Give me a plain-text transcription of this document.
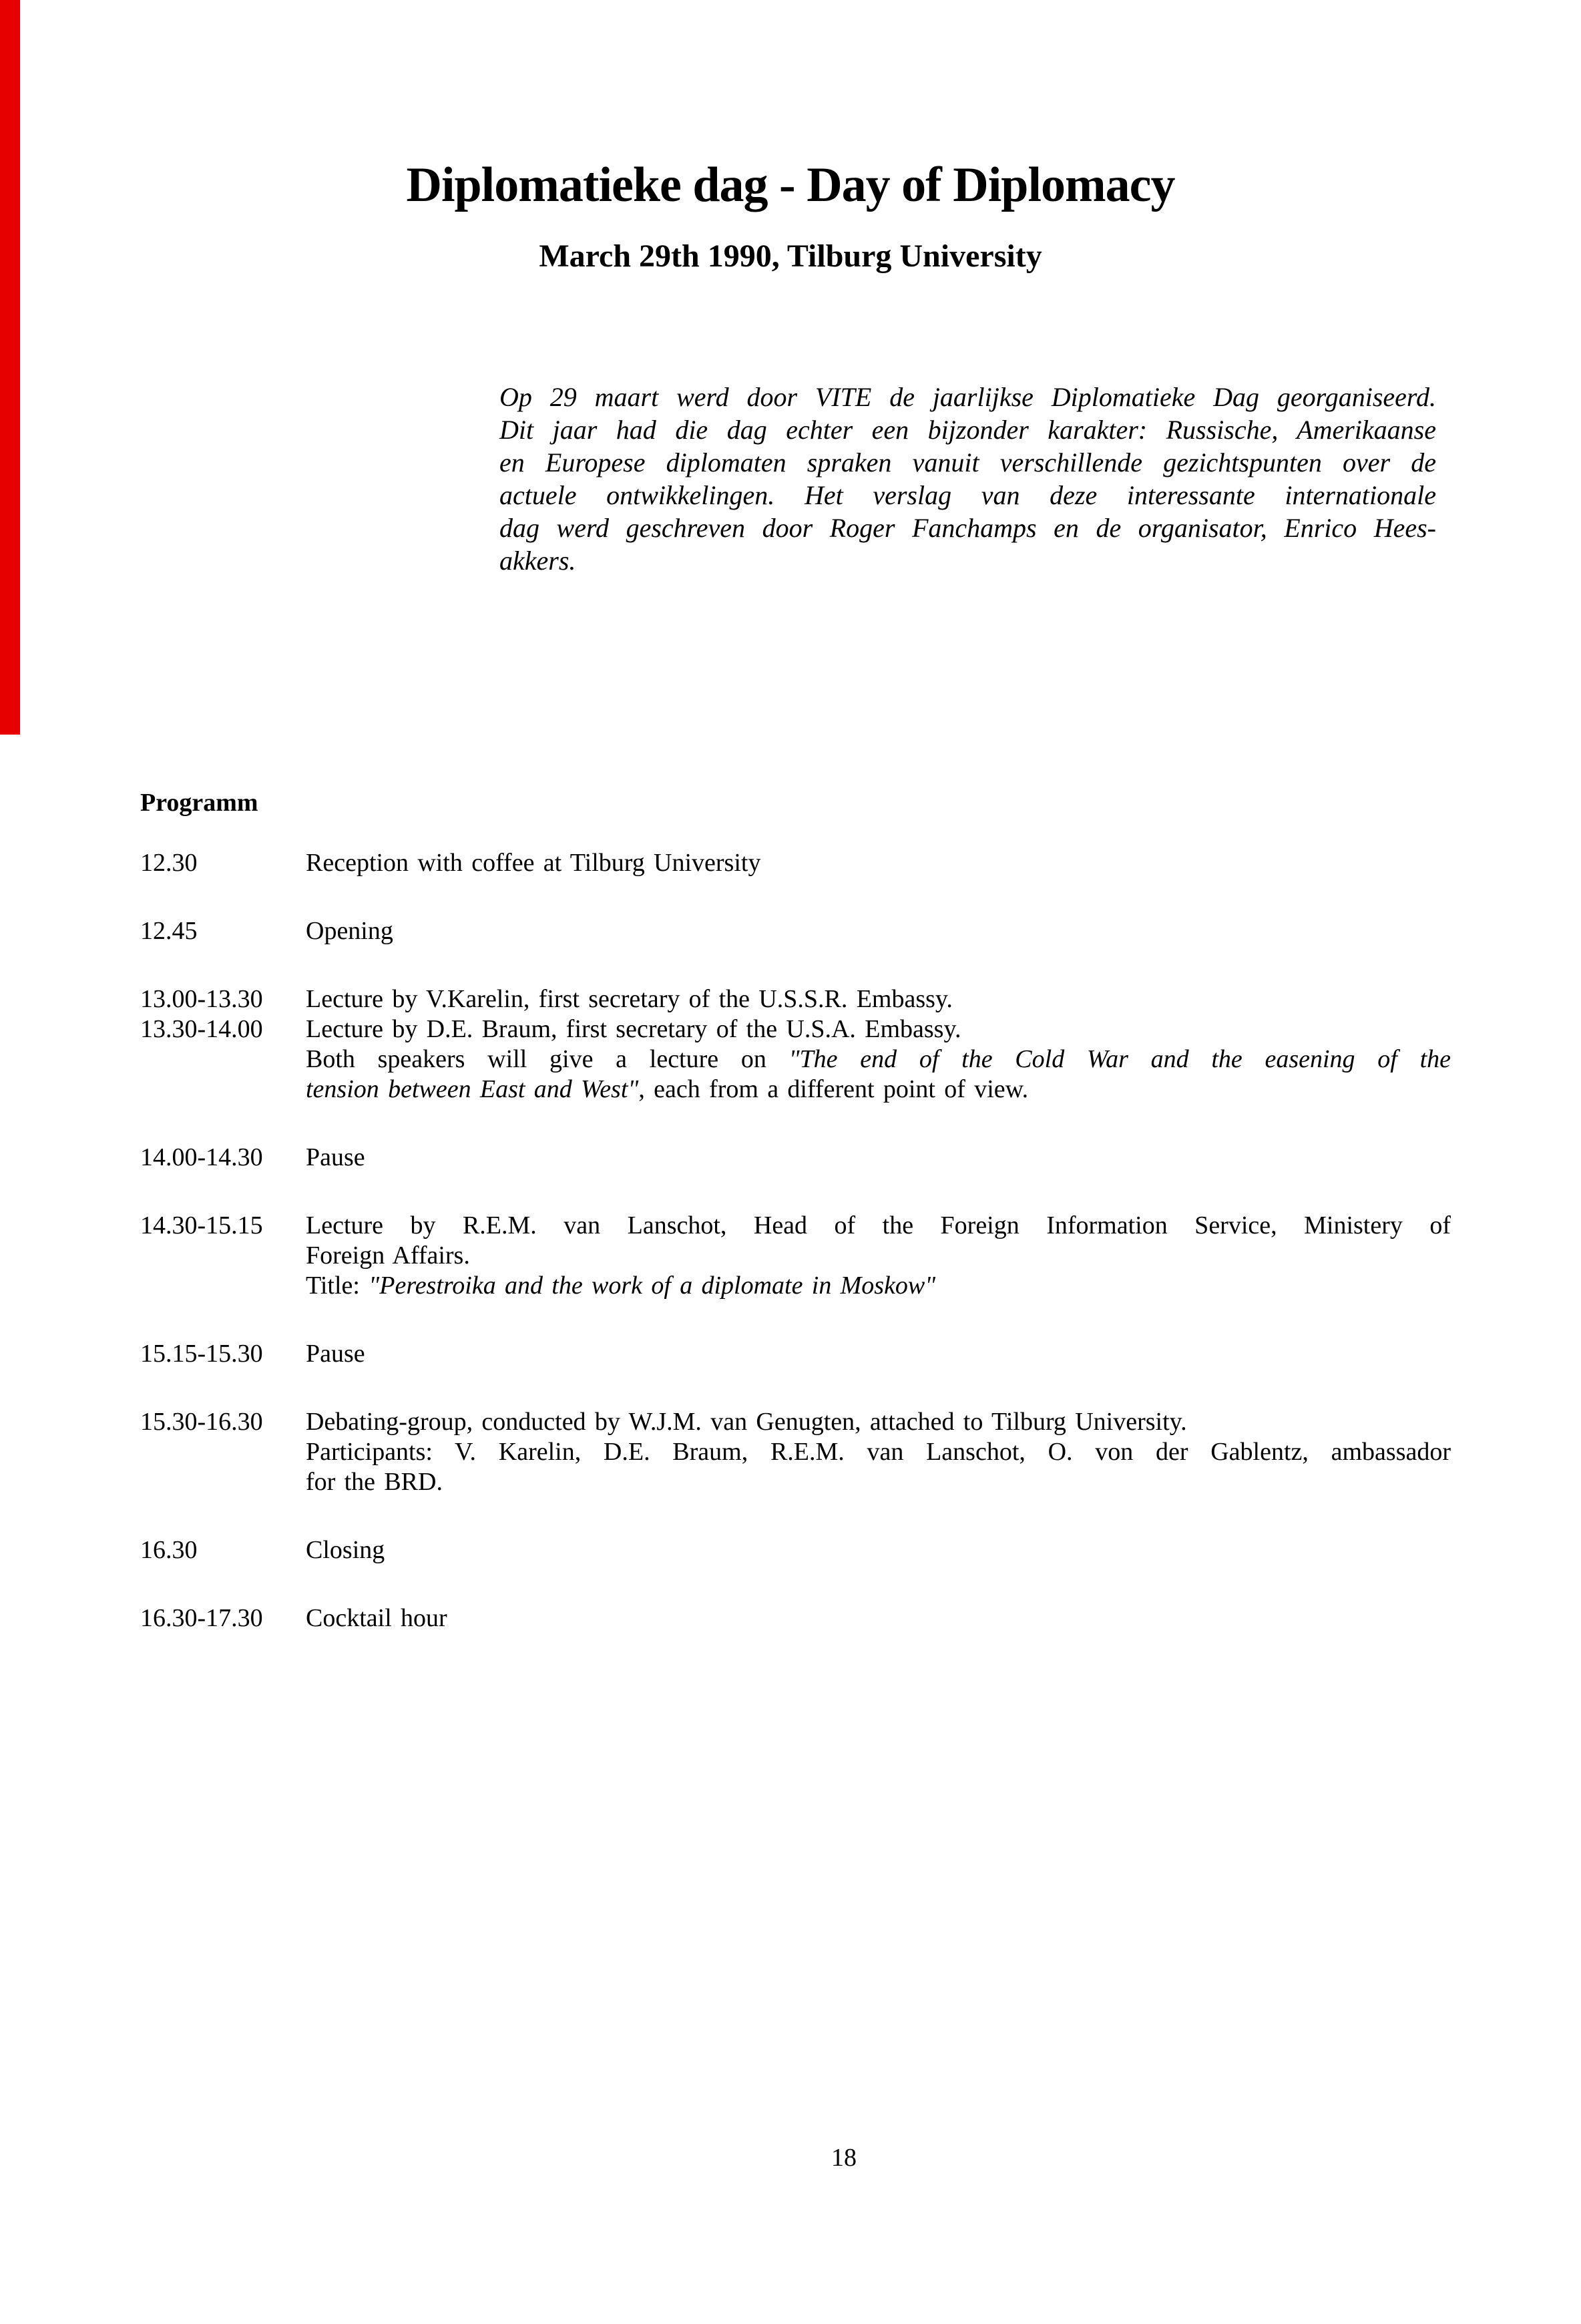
Diplomatieke dag - Day of Diplomacy
March 29th 1990, Tilburg University
Op 29 maart werd door VITE de jaarlijkse Diplomatieke Dag georganiseerd.
Dit jaar had die dag echter een bijzonder karakter: Russische, Amerikaanse
en Europese diplomaten spraken vanuit verschillende gezichtspunten over de
actuele ontwikkelingen. Het verslag van deze interessante internationale
dag werd geschreven door Roger Fanchamps en de organisator, Enrico Hees-
akkers.
Programm
12.30	Reception with coffee at Tilburg University
12.45	Opening
13.00-13.30	Lecture by V.Karelin, first secretary of the U.S.S.R. Embassy.
13.30-14.00	Lecture by D.E. Braum, first secretary of the U.S.A. Embassy.
Both speakers will give a lecture on "The end of the Cold War and the easening of the
tension between East and West", each from a different point of view.
14.00-14.30	Pause
14.30-15.15	Lecture by R.E.M. van Lanschot, Head of the Foreign Information Service, Ministery of
Foreign Affairs.
Title: "Perestroika and the work of a diplomate in Moskow"
15.15-15.30	Pause
15.30-16.30	Debating-group, conducted by W.J.M. van Genugten, attached to Tilburg University.
Participants: V. Karelin, D.E. Braum, R.E.M. van Lanschot, O. von der Gablentz, ambassador
for the BRD.
16.30	Closing
16.30-17.30	Cocktail hour
18
